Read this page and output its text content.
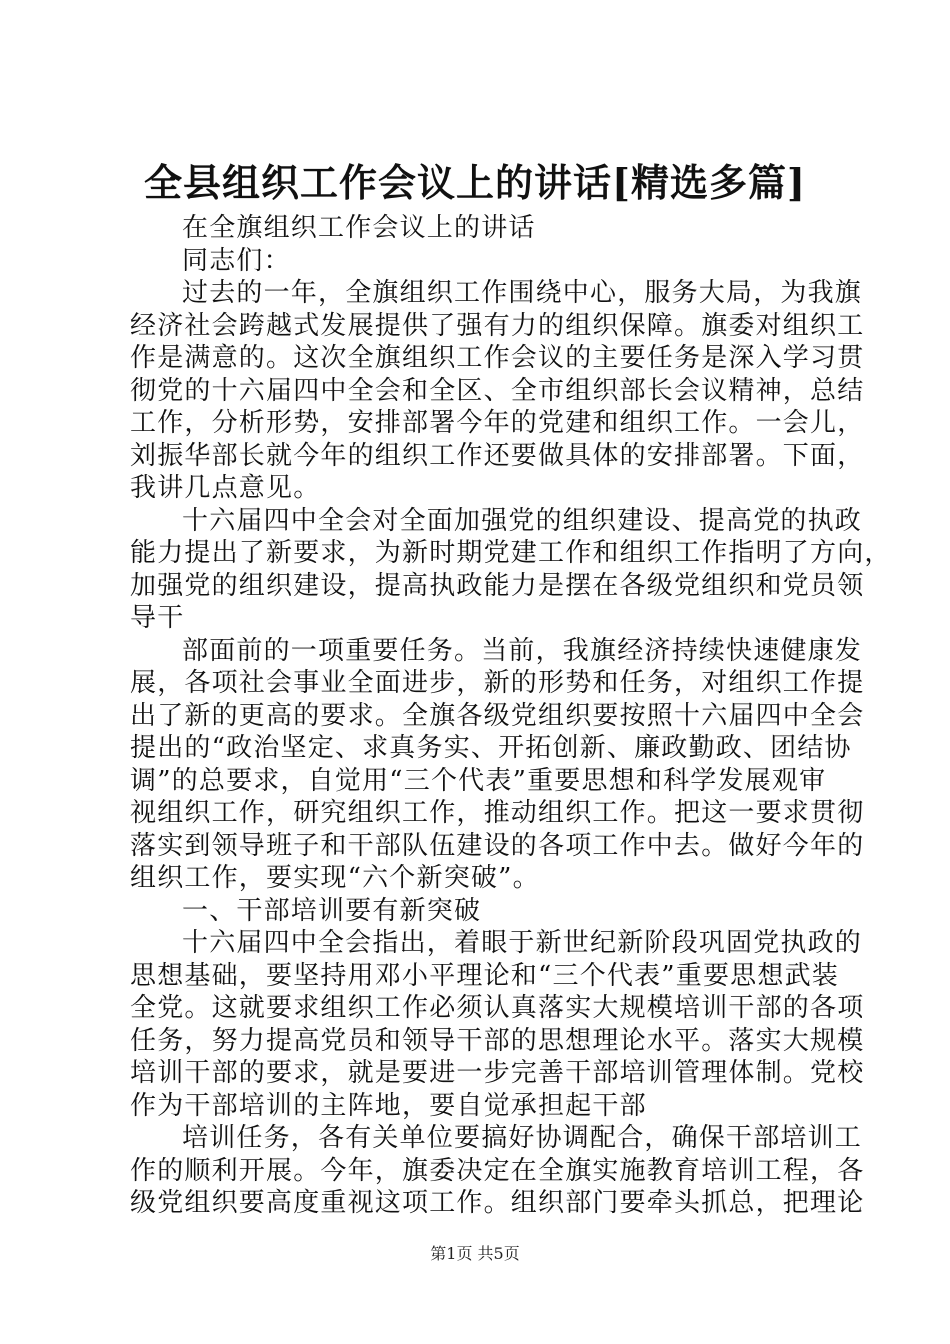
全县组织工作会议上的讲话[精选多篇]
在全旗组织工作会议上的讲话
同志们：
过去的一年，全旗组织工作围绕中心，服务大局，为我旗
经济社会跨越式发展提供了强有力的组织保障。旗委对组织工
作是满意的。这次全旗组织工作会议的主要任务是深入学习贯
彻党的十六届四中全会和全区、全市组织部长会议精神，总结
工作，分析形势，安排部署今年的党建和组织工作。一会儿，
刘振华部长就今年的组织工作还要做具体的安排部署。下面，
我讲几点意见。
十六届四中全会对全面加强党的组织建设、提高党的执政
能力提出了新要求，为新时期党建工作和组织工作指明了方向，
加强党的组织建设，提高执政能力是摆在各级党组织和党员领
导干
部面前的一项重要任务。当前，我旗经济持续快速健康发
展，各项社会事业全面进步，新的形势和任务，对组织工作提
出了新的更高的要求。全旗各级党组织要按照十六届四中全会
提出的“政治坚定、求真务实、开拓创新、廉政勤政、团结协
调”的总要求，自觉用“三个代表”重要思想和科学发展观审
视组织工作，研究组织工作，推动组织工作。把这一要求贯彻
落实到领导班子和干部队伍建设的各项工作中去。做好今年的
组织工作，要实现“六个新突破”。
一、干部培训要有新突破
十六届四中全会指出，着眼于新世纪新阶段巩固党执政的
思想基础，要坚持用邓小平理论和“三个代表”重要思想武装
全党。这就要求组织工作必须认真落实大规模培训干部的各项
任务，努力提高党员和领导干部的思想理论水平。落实大规模
培训干部的要求，就是要进一步完善干部培训管理体制。党校
作为干部培训的主阵地，要自觉承担起干部
培训任务，各有关单位要搞好协调配合，确保干部培训工
作的顺利开展。今年，旗委决定在全旗实施教育培训工程，各
级党组织要高度重视这项工作。组织部门要牵头抓总，把理论
第1页 共5页
